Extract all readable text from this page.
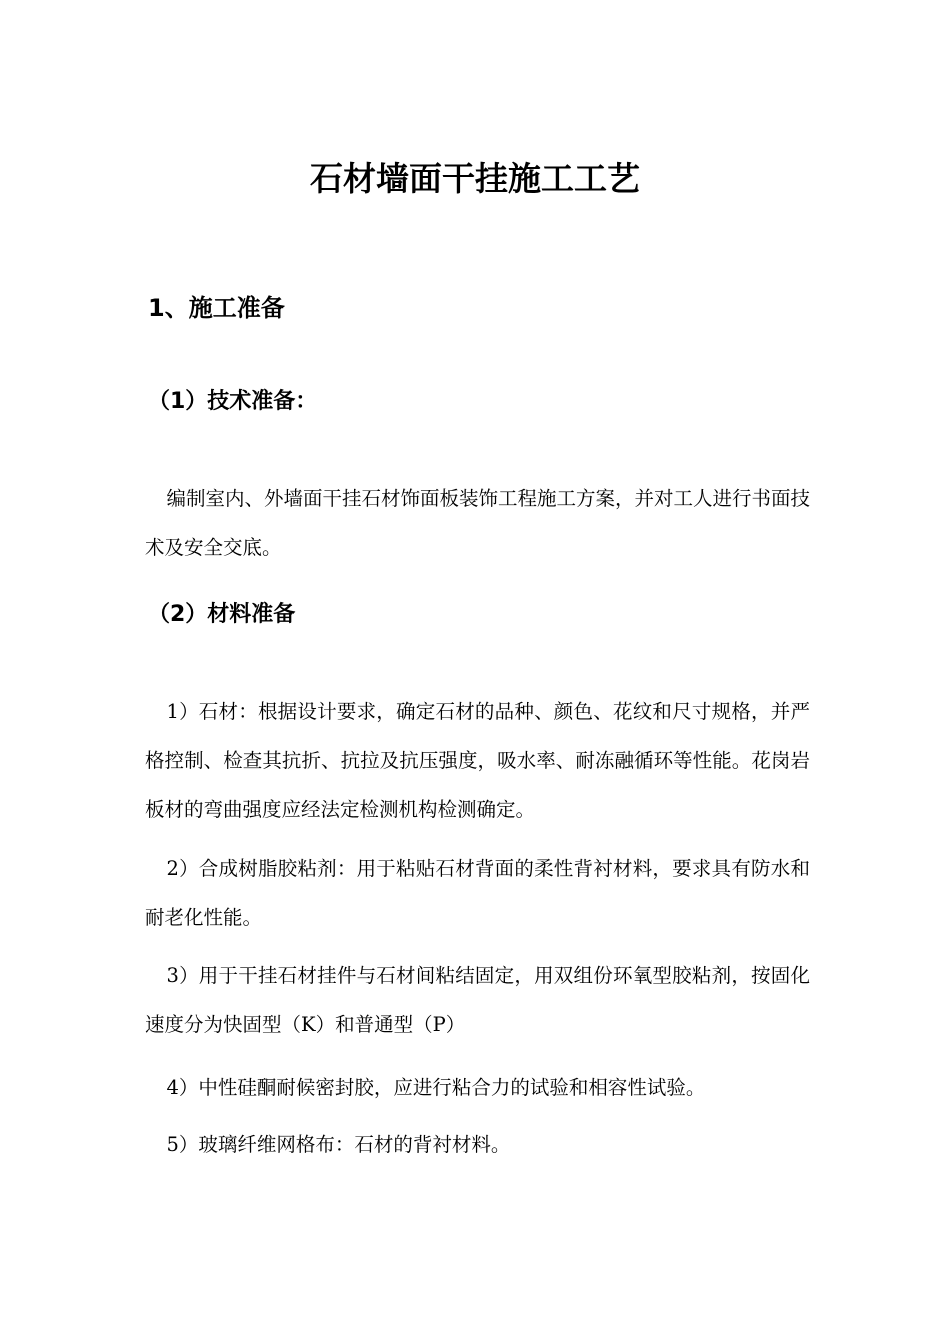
石材墙面干挂施工工艺
1、施工准备
（1）技术准备：

编制室内、外墙面干挂石材饰面板装饰工程施工方案，并对工人进行书面技术及安全交底。

（2）材料准备

1）石材：根据设计要求，确定石材的品种、颜色、花纹和尺寸规格，并严格控制、检查其抗折、抗拉及抗压强度，吸水率、耐冻融循环等性能。花岗岩板材的弯曲强度应经法定检测机构检测确定。

2）合成树脂胶粘剂：用于粘贴石材背面的柔性背衬材料，要求具有防水和耐老化性能。

3）用于干挂石材挂件与石材间粘结固定，用双组份环氧型胶粘剂，按固化速度分为快固型（K）和普通型（P）

4）中性硅酮耐候密封胶，应进行粘合力的试验和相容性试验。

5）玻璃纤维网格布：石材的背衬材料。
